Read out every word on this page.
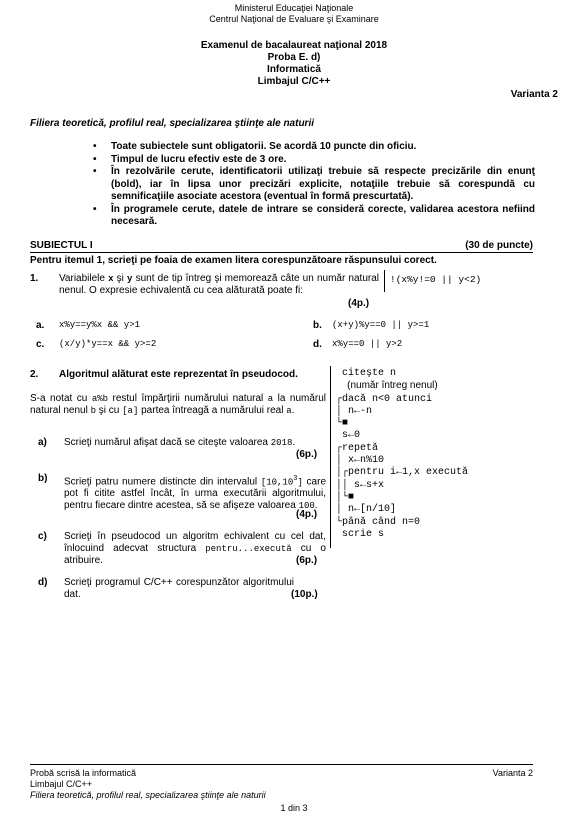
Ministerul Educaţiei Naţionale
Centrul Naţional de Evaluare şi Examinare
Examenul de bacalaureat naţional 2018
Proba E. d)
Informatică
Limbajul C/C++
Varianta 2
Filiera teoretică, profilul real, specializarea ştiinţe ale naturii
• Toate subiectele sunt obligatorii. Se acordă 10 puncte din oficiu.
• Timpul de lucru efectiv este de 3 ore.
• În rezolvările cerute, identificatorii utilizaţi trebuie să respecte precizările din enunţ (bold), iar în lipsa unor precizări explicite, notaţiile trebuie să corespundă cu semnificaţiile asociate acestora (eventual în formă prescurtată).
• În programele cerute, datele de intrare se consideră corecte, validarea acestora nefiind necesară.
SUBIECTUL I	(30 de puncte)
Pentru itemul 1, scrieţi pe foaia de examen litera corespunzătoare răspunsului corect.
1. Variabilele x şi y sunt de tip întreg şi memorează câte un număr natural nenul. O expresie echivalentă cu cea alăturată poate fi:
(4p.)
!(x%y!=0 || y<2)
a. x%y==y%x && y>1	b. (x+y)%y==0 || y>=1
c. (x/y)*y==x && y>=2	d. x%y==0 || y>2
2. Algoritmul alăturat este reprezentat în pseudocod.
S-a notat cu a%b restul împărţirii numărului natural a la numărul natural nenul b şi cu [a] partea întreagă a numărului real a.
a) Scrieţi numărul afişat dacă se citeşte valoarea 2018.
(6p.)
b) Scrieţi patru numere distincte din intervalul [10,10$^3$] care pot fi citite astfel încât, în urma executării algoritmului, pentru fiecare dintre acestea, să se afişeze valoarea 100.
(4p.)
c) Scrieţi în pseudocod un algoritm echivalent cu cel dat, înlocuind adecvat structura pentru...execută cu o atribuire.	(6p.)
d) Scrieţi programul C/C++ corespunzător algoritmului dat.	(10p.)
citeşte n
(număr întreg nenul)
┌dacă n<0 atunci
│ n←-n
└■
s←0
┌repetă
│ x←n%10
│┌pentru i←1,x execută
││ s←s+x
│└■
│ n←[n/10]
└până când n=0
scrie s
Probă scrisă la informatică
Limbajul C/C++
Filiera teoretică, profilul real, specializarea ştiinţe ale naturii
Varianta 2
1 din 3
